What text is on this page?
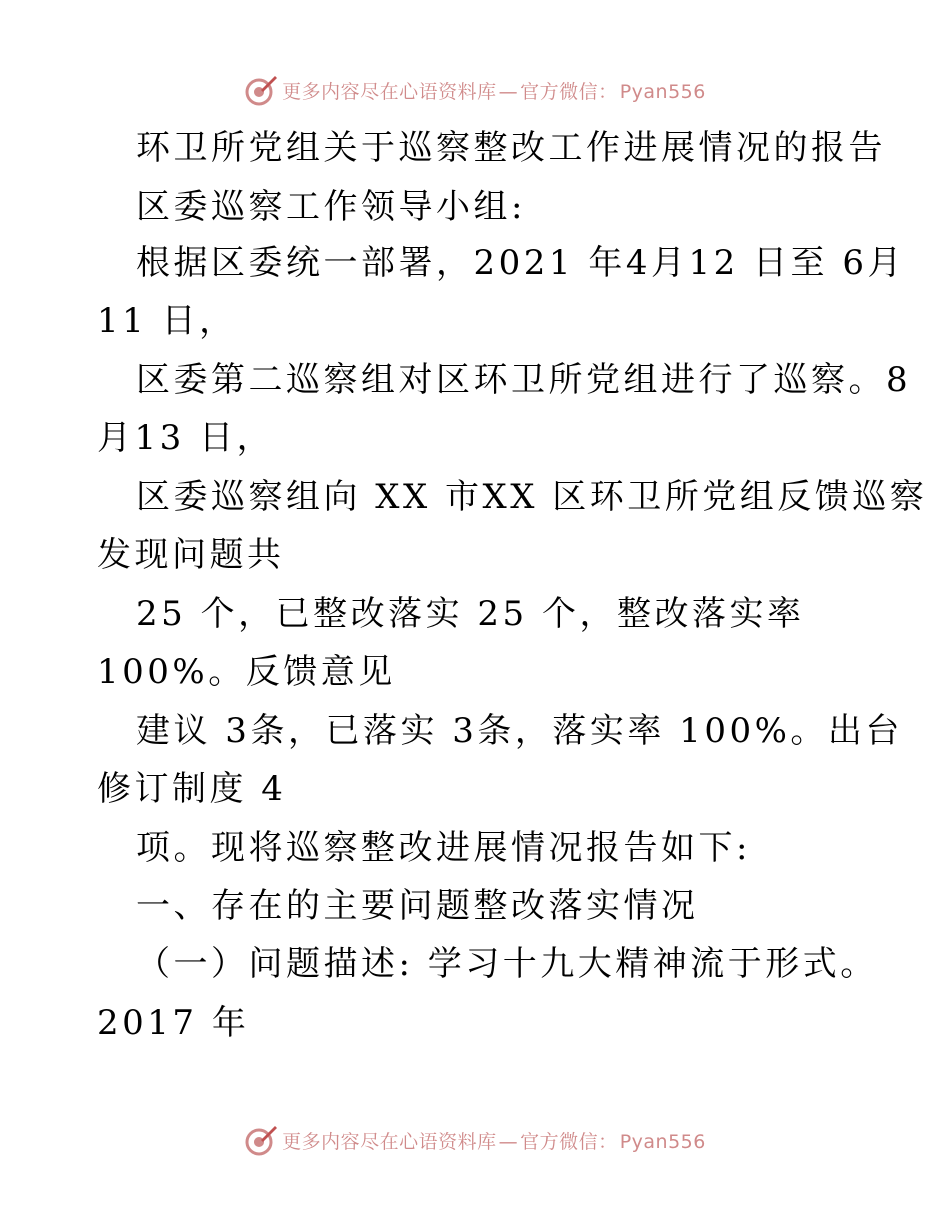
更多内容尽在心语资料库 — 官方微信： Pyan556
环卫所党组关于巡察整改工作进展情况的报告
区委巡察工作领导小组:
根据区委统一部署，2021 年4月12 日至 6月
11 日，
区委第二巡察组对区环卫所党组进行了巡察。8
月13 日，
区委巡察组向 XX 市XX 区环卫所党组反馈巡察
发现问题共
25 个，已整改落实 25 个，整改落实率
100%。反馈意见
建议 3条，已落实 3条，落实率 100%。出台
修订制度 4
项。现将巡察整改进展情况报告如下:
一、存在的主要问题整改落实情况
（一）问题描述: 学习十九大精神流于形式。
2017 年
更多内容尽在心语资料库 — 官方微信： Pyan556
